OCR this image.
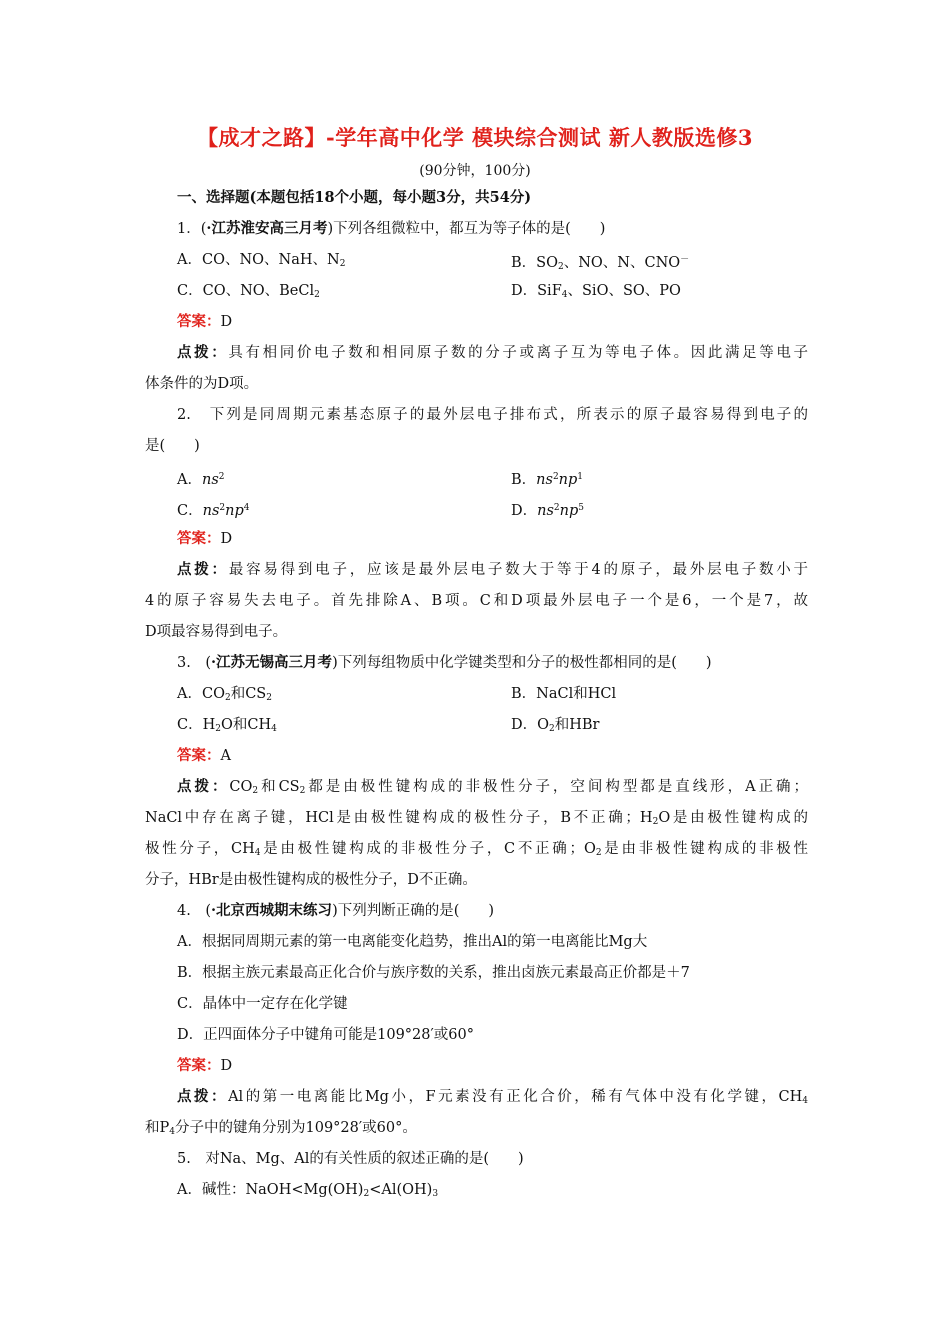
【成才之路】-学年高中化学 模块综合测试 新人教版选修3
(90分钟，100分)
一、选择题(本题包括18个小题，每小题3分，共54分)
1．(·江苏淮安高三月考)下列各组微粒中，都互为等子体的是(　　)
A．CO、NO、NaH、$N_2$	B．$SO_2$、NO、N、CNO－
C．CO、NO、BeCl$_2$	D．SiF$_4$、SiO、SO、PO
答案：D
点拨：具有相同价电子数和相同原子数的分子或离子互为等电子体。因此满足等电子
体条件的为D项。
2.　下列是同周期元素基态原子的最外层电子排布式，所表示的原子最容易得到电子的
是(　　)
A．$ns^2$	B．$ns^2np^1$
C．$ns^2np^4$	D．$ns^2np^5$
答案：D
点拨：最容易得到电子，应该是最外层电子数大于等于4的原子，最外层电子数小于
4的原子容易失去电子。首先排除A、B项。C和D项最外层电子一个是6，一个是7，故
D项最容易得到电子。
3.　(·江苏无锡高三月考)下列每组物质中化学键类型和分子的极性都相同的是(　　)
A．$CO_2$和$CS_2$	B．NaCl和HCl
C．$H_2O$和$CH_4$	D．$O_2$和HBr
答案：A
点拨：$CO_2$和$CS_2$都是由极性键构成的非极性分子，空间构型都是直线形，A正确；
NaCl中存在离子键，HCl是由极性键构成的极性分子，B不正确；$H_2O$是由极性键构成的
极性分子，$CH_4$是由极性键构成的非极性分子，C不正确；$O_2$是由非极性键构成的非极性
分子，HBr是由极性键构成的极性分子，D不正确。
4.　(·北京西城期末练习)下列判断正确的是(　　)
A．根据同周期元素的第一电离能变化趋势，推出Al的第一电离能比Mg大
B．根据主族元素最高正化合价与族序数的关系，推出卤族元素最高正价都是＋7
C．晶体中一定存在化学键
D．正四面体分子中键角可能是109°28′或60°
答案：D
点拨：Al的第一电离能比Mg小，F元素没有正化合价，稀有气体中没有化学键，$CH_4$
和$P_4$分子中的键角分别为109°28′或60°。
5.　对Na、Mg、Al的有关性质的叙述正确的是(　　)
A．碱性：$NaOH<Mg(OH)_2<Al(OH)_3$
